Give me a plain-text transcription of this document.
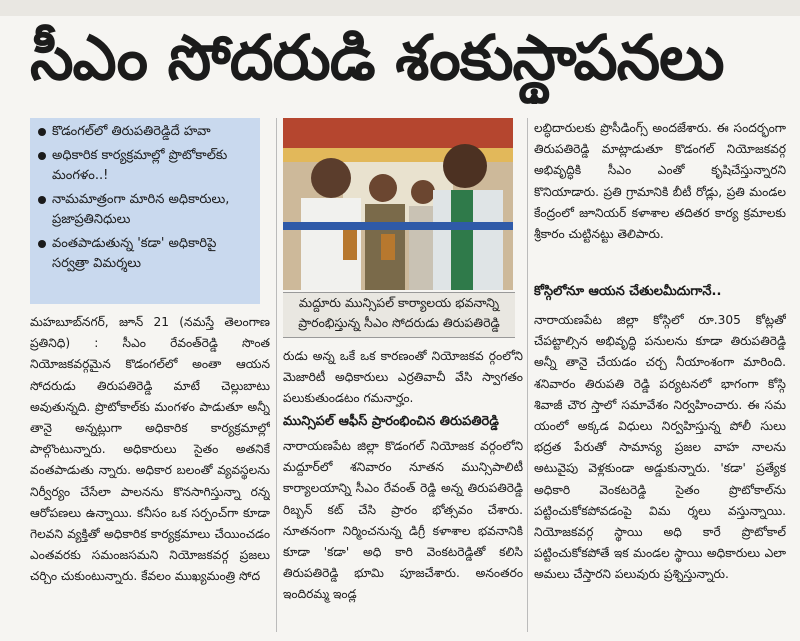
సీఎం సోదరుడి శంకుస్థాపనలు
కొడంగల్‌లో తిరుపతిరెడ్డిదే హవా
అధికారిక కార్యక్రమాల్లో ప్రొటోకాల్‌కు మంగళం..!
నామమాత్రంగా మారిన అధికారులు, ప్రజాప్రతినిధులు
వంతపాడుతున్న 'కడా' అధికారిపై సర్వత్రా విమర్శలు
మద్దూరు మున్సిపల్‌ కార్యాలయ భవనాన్ని ప్రారంభిస్తున్న సీఎం సోదరుడు తిరుపతిరెడ్డి
మహబూబ్‌నగర్‌, జూన్‌ 21 (నమస్తే తెలంగాణ ప్రతినిధి) : సీఎం రేవంత్‌రెడ్డి సొంత నియోజకవర్గమైన కొడంగల్‌లో అంతా ఆయన సోదరుడు తిరుపతిరెడ్డి మాటే చెల్లుబాటు అవుతున్నది. ప్రొటోకాల్‌కు మంగళం పాడుతూ అన్నీ తానై అన్నట్లుగా అధికారిక కార్యక్రమాల్లో పాల్గొంటున్నారు. అధికారులు సైతం అతనికే వంతపాడుతు న్నారు. అధికార బలంతో వ్యవస్థలను నిర్వీర్యం చేసేలా పాలనను కొనసాగిస్తున్నా రన్న ఆరోపణలు ఉన్నాయి. కనీసం ఒక సర్పంచ్‌గా కూడా గెలవని వ్యక్తితో అధికారిక కార్యక్రమాలు చేయించడం ఎంతవరకు సమంజసమని నియోజకవర్గ ప్రజలు చర్చిం చుకుంటున్నారు. కేవలం ముఖ్యమంత్రి సోద
రుడు అన్న ఒకే ఒక కారణంతో నియోజకవ ర్గంలోని మెజారిటీ అధికారులు ఎర్రతివాచీ వేసి స్వాగతం పలుకుతుండటం గమనార్హం.
మున్సిపల్‌ ఆఫీస్‌ ప్రారంభించిన తిరుపతిరెడ్డి
నారాయణపేట జిల్లా కొడంగల్‌ నియోజక వర్గంలోని మద్దూర్‌లో శనివారం నూతన మున్సిపాలిటీ కార్యాలయాన్ని సీఎం రేవంత్‌ రెడ్డి అన్న తిరుపతిరెడ్డి రిబ్బన్‌ కట్‌ చేసి ప్రారం భోత్సవం చేశారు. నూతనంగా నిర్మించనున్న డిగ్రీ కళాశాల భవనానికి కూడా 'కడా' అధి కారి వెంకటరెడ్డితో కలిసి తిరుపతిరెడ్డి భూమి పూజచేశారు. అనంతరం ఇందిరమ్మ ఇండ్ల
లబ్ధిదారులకు ప్రొసీడింగ్స్‌ అందజేశారు. ఈ సందర్భంగా తిరుపతిరెడ్డి మాట్లాడుతూ కొడంగల్‌ నియోజకవర్గ అభివృద్ధికి సీఎం ఎంతో కృషిచేస్తున్నారని కొనియాడారు. ప్రతి గ్రామానికి బీటీ రోడ్లు, ప్రతి మండల కేంద్రంలో జూనియర్‌ కళాశాల తదితర కార్య క్రమాలకు శ్రీకారం చుట్టినట్టు తెలిపారు.
కోస్గిలోనూ ఆయన చేతులమీదుగానే..
నారాయణపేట జిల్లా కోస్గిలో రూ.305 కోట్లతో చేపట్టాల్సిన అభివృద్ధి పనులను కూడా తిరుపతిరెడ్డి అన్నీ తానై చేయడం చర్చ నీయాంశంగా మారింది. శనివారం తిరుపతి రెడ్డి పర్యటనలో భాగంగా కోస్గి శివాజీ చౌర స్తాలో సమావేశం నిర్వహించారు. ఈ సమ యంలో అక్కడ విధులు నిర్వహిస్తున్న పోలీ సులు భద్రత పేరుతో సామాన్య ప్రజల వాహ నాలను అటువైపు వెళ్లకుండా అడ్డుకున్నారు. 'కడా' ప్రత్యేక అధికారి వెంకటరెడ్డి సైతం ప్రొటోకాల్‌ను పట్టించుకోకపోవడంపై విమ ర్శలు వస్తున్నాయి. నియోజకవర్గ స్థాయి అధి కారే ప్రొటోకాల్‌ పట్టించుకోకపోతే ఇక మండల స్థాయి అధికారులు ఎలా అమలు చేస్తారని పలువురు ప్రశ్నిస్తున్నారు.
